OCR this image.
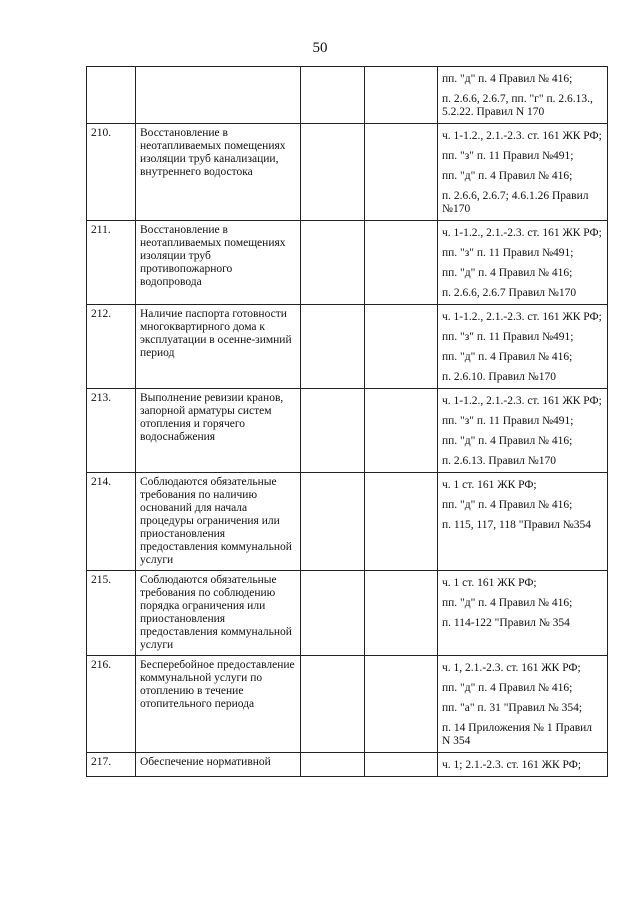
50

				пп. "д" п. 4 Правил № 416;
п. 2.6.6, 2.6.7, пп. "г" п. 2.6.13., 5.2.22. Правил N 170

210.	Восстановление в неотапливаемых помещениях изоляции труб канализации, внутреннего водостока			ч. 1-1.2., 2.1.-2.3. ст. 161 ЖК РФ;
пп. "з" п. 11 Правил №491;
пп. "д" п. 4 Правил № 416;
п. 2.6.6, 2.6.7; 4.6.1.26 Правил №170

211.	Восстановление в неотапливаемых помещениях изоляции труб противопожарного водопровода			ч. 1-1.2., 2.1.-2.3. ст. 161 ЖК РФ;
пп. "з" п. 11 Правил №491;
пп. "д" п. 4 Правил № 416;
п. 2.6.6, 2.6.7 Правил №170

212.	Наличие паспорта готовности многоквартирного дома к эксплуатации в осенне-зимний период			ч. 1-1.2., 2.1.-2.3. ст. 161 ЖК РФ;
пп. "з" п. 11 Правил №491;
пп. "д" п. 4 Правил № 416;
п. 2.6.10. Правил №170

213.	Выполнение ревизии кранов, запорной арматуры систем отопления и горячего водоснабжения			ч. 1-1.2., 2.1.-2.3. ст. 161 ЖК РФ;
пп. "з" п. 11 Правил №491;
пп. "д" п. 4 Правил № 416;
п. 2.6.13. Правил №170

214.	Соблюдаются обязательные требования по наличию оснований для начала процедуры ограничения или приостановления предоставления коммунальной услуги			ч. 1 ст. 161 ЖК РФ;
пп. "д" п. 4 Правил № 416;
п. 115, 117, 118 "Правил №354

215.	Соблюдаются обязательные требования по соблюдению порядка ограничения или приостановления предоставления коммунальной услуги			ч. 1 ст. 161 ЖК РФ;
пп. "д" п. 4 Правил № 416;
п. 114-122 "Правил № 354

216.	Бесперебойное предоставление коммунальной услуги по отоплению в течение отопительного периода			ч. 1, 2.1.-2.3. ст. 161 ЖК РФ;
пп. "д" п. 4 Правил № 416;
пп. "а" п. 31 "Правил № 354;
п. 14 Приложения № 1 Правил N 354

217.	Обеспечение нормативной			ч. 1; 2.1.-2.3. ст. 161 ЖК РФ;
